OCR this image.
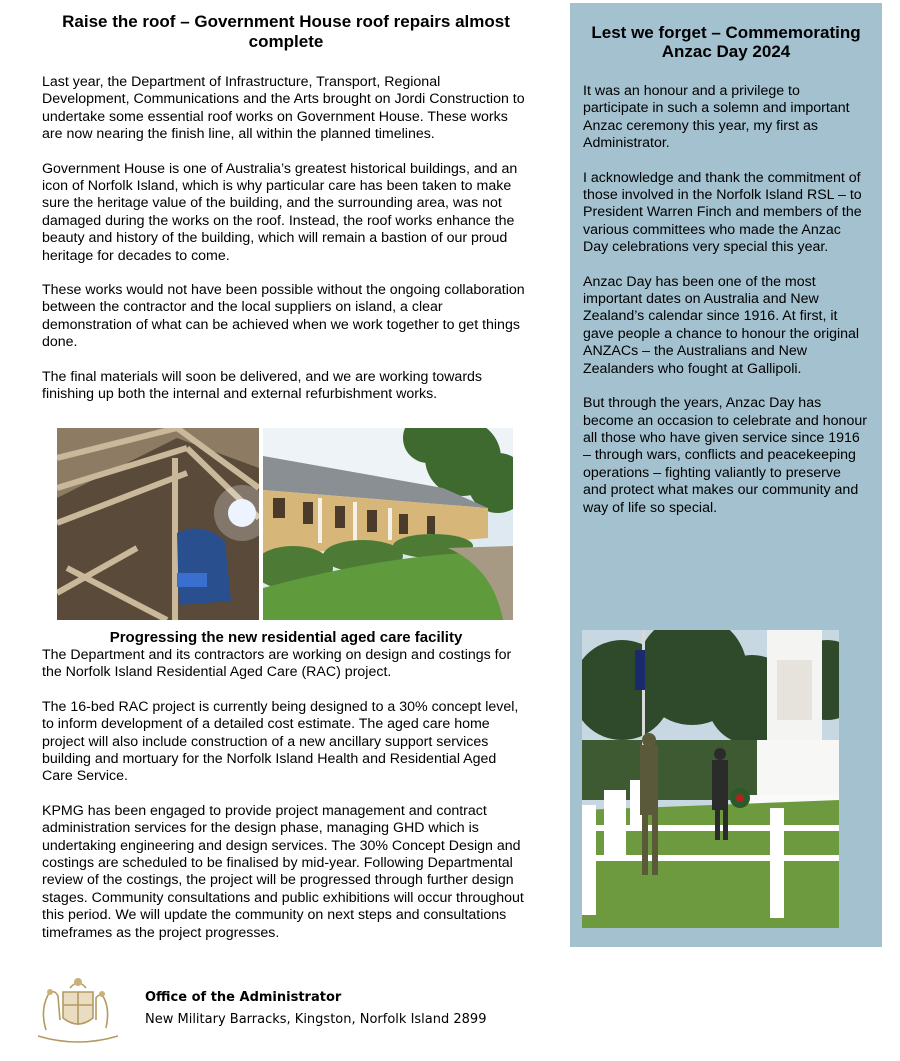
Raise the roof – Government House roof repairs almost complete

Last year, the Department of Infrastructure, Transport, Regional Development, Communications and the Arts brought on Jordi Construction to undertake some essential roof works on Government House. These works are now nearing the finish line, all within the planned timelines.

Government House is one of Australia’s greatest historical buildings, and an icon of Norfolk Island, which is why particular care has been taken to make sure the heritage value of the building, and the surrounding area, was not damaged during the works on the roof. Instead, the roof works enhance the beauty and history of the building, which will remain a bastion of our proud heritage for decades to come.

These works would not have been possible without the ongoing collaboration between the contractor and the local suppliers on island, a clear demonstration of what can be achieved when we work together to get things done.

The final materials will soon be delivered, and we are working towards finishing up both the internal and external refurbishment works.

Progressing the new residential aged care facility

The Department and its contractors are working on design and costings for the Norfolk Island Residential Aged Care (RAC) project.

The 16-bed RAC project is currently being designed to a 30% concept level, to inform development of a detailed cost estimate. The aged care home project will also include construction of a new ancillary support services building and mortuary for the Norfolk Island Health and Residential Aged Care Service.

KPMG has been engaged to provide project management and contract administration services for the design phase, managing GHD which is undertaking engineering and design services. The 30% Concept Design and costings are scheduled to be finalised by mid-year. Following Departmental review of the costings, the project will be progressed through further design stages. Community consultations and public exhibitions will occur throughout this period. We will update the community on next steps and consultations timeframes as the project progresses.

Lest we forget – Commemorating Anzac Day 2024

It was an honour and a privilege to participate in such a solemn and important Anzac ceremony this year, my first as Administrator.

I acknowledge and thank the commitment of those involved in the Norfolk Island RSL – to President Warren Finch and members of the various committees who made the Anzac Day celebrations very special this year.

Anzac Day has been one of the most important dates on Australia and New Zealand’s calendar since 1916. At first, it gave people a chance to honour the original ANZACs – the Australians and New Zealanders who fought at Gallipoli.

But through the years, Anzac Day has become an occasion to celebrate and honour all those who have given service since 1916 – through wars, conflicts and peacekeeping operations – fighting valiantly to preserve and protect what makes our community and way of life so special.

Office of the Administrator
New Military Barracks, Kingston, Norfolk Island 2899
